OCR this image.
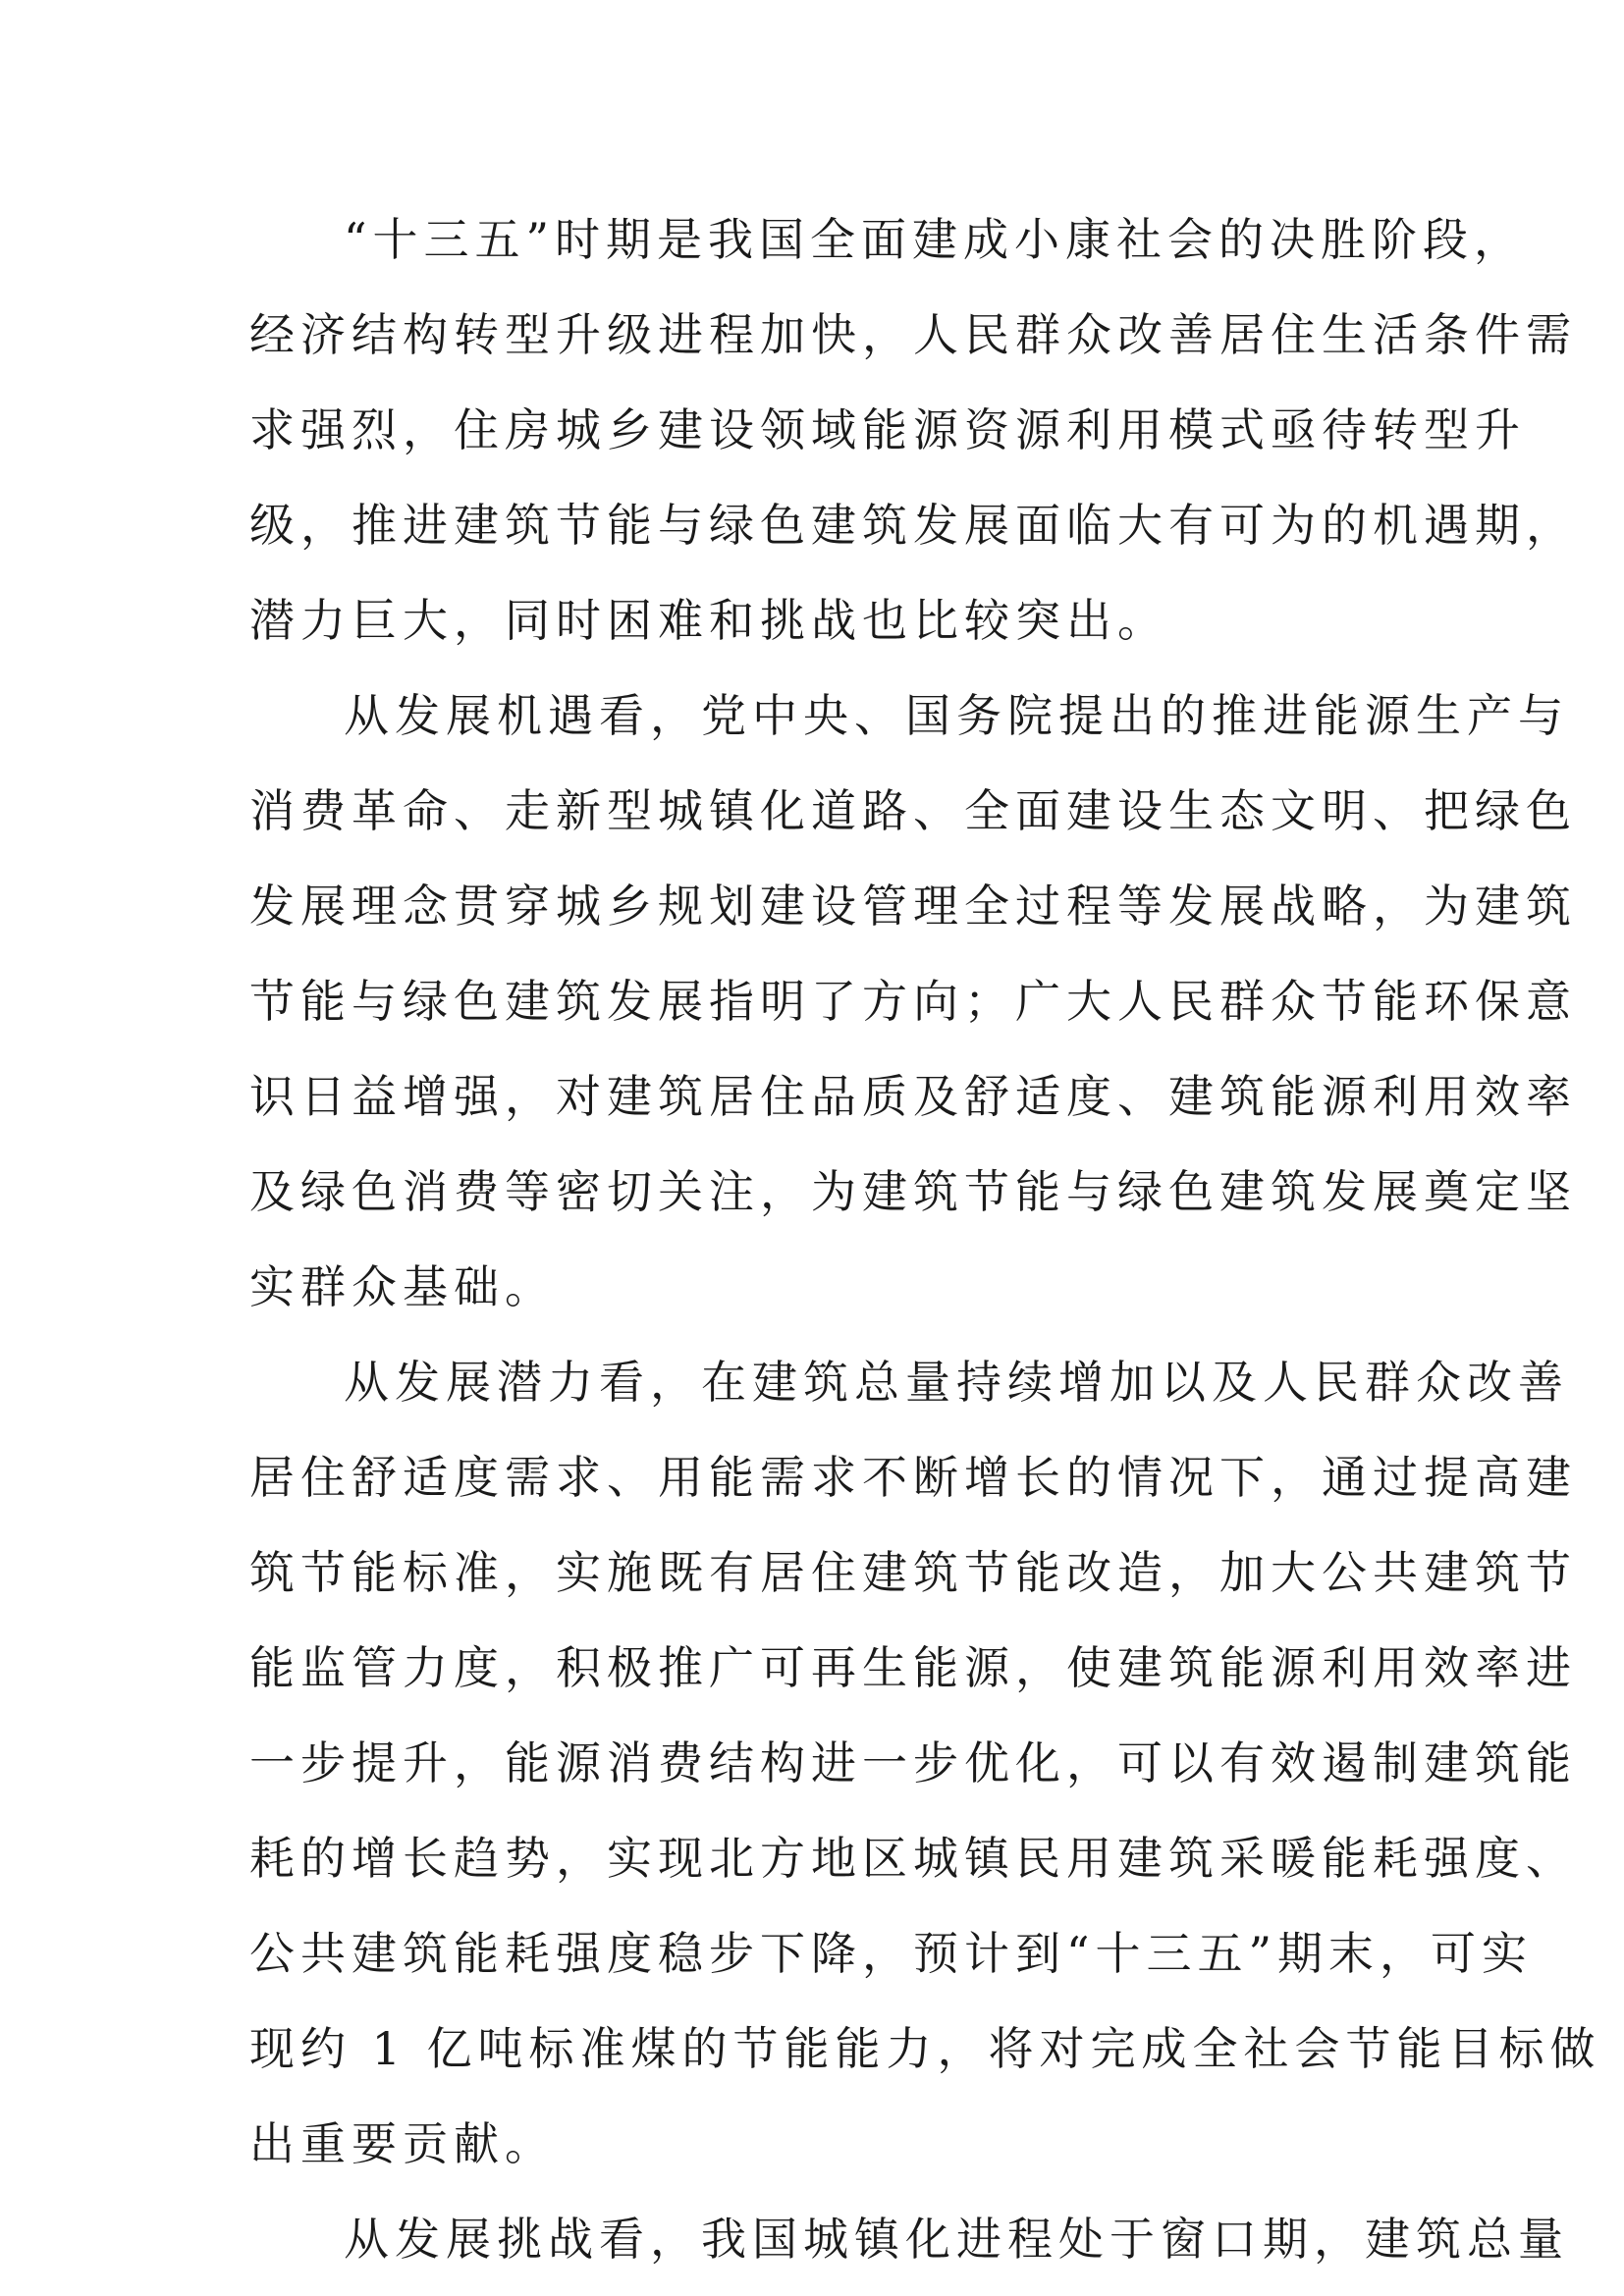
“十三五”时期是我国全面建成小康社会的决胜阶段，
经济结构转型升级进程加快，人民群众改善居住生活条件需
求强烈，住房城乡建设领域能源资源利用模式亟待转型升
级，推进建筑节能与绿色建筑发展面临大有可为的机遇期，
潜力巨大，同时困难和挑战也比较突出。
从发展机遇看，党中央、国务院提出的推进能源生产与
消费革命、走新型城镇化道路、全面建设生态文明、把绿色
发展理念贯穿城乡规划建设管理全过程等发展战略，为建筑
节能与绿色建筑发展指明了方向；广大人民群众节能环保意
识日益增强，对建筑居住品质及舒适度、建筑能源利用效率
及绿色消费等密切关注，为建筑节能与绿色建筑发展奠定坚
实群众基础。
从发展潜力看，在建筑总量持续增加以及人民群众改善
居住舒适度需求、用能需求不断增长的情况下，通过提高建
筑节能标准，实施既有居住建筑节能改造，加大公共建筑节
能监管力度，积极推广可再生能源，使建筑能源利用效率进
一步提升，能源消费结构进一步优化，可以有效遏制建筑能
耗的增长趋势，实现北方地区城镇民用建筑采暖能耗强度、
公共建筑能耗强度稳步下降，预计到“十三五”期末，可实
现约 1 亿吨标准煤的节能能力，将对完成全社会节能目标做
出重要贡献。
从发展挑战看，我国城镇化进程处于窗口期，建筑总量
